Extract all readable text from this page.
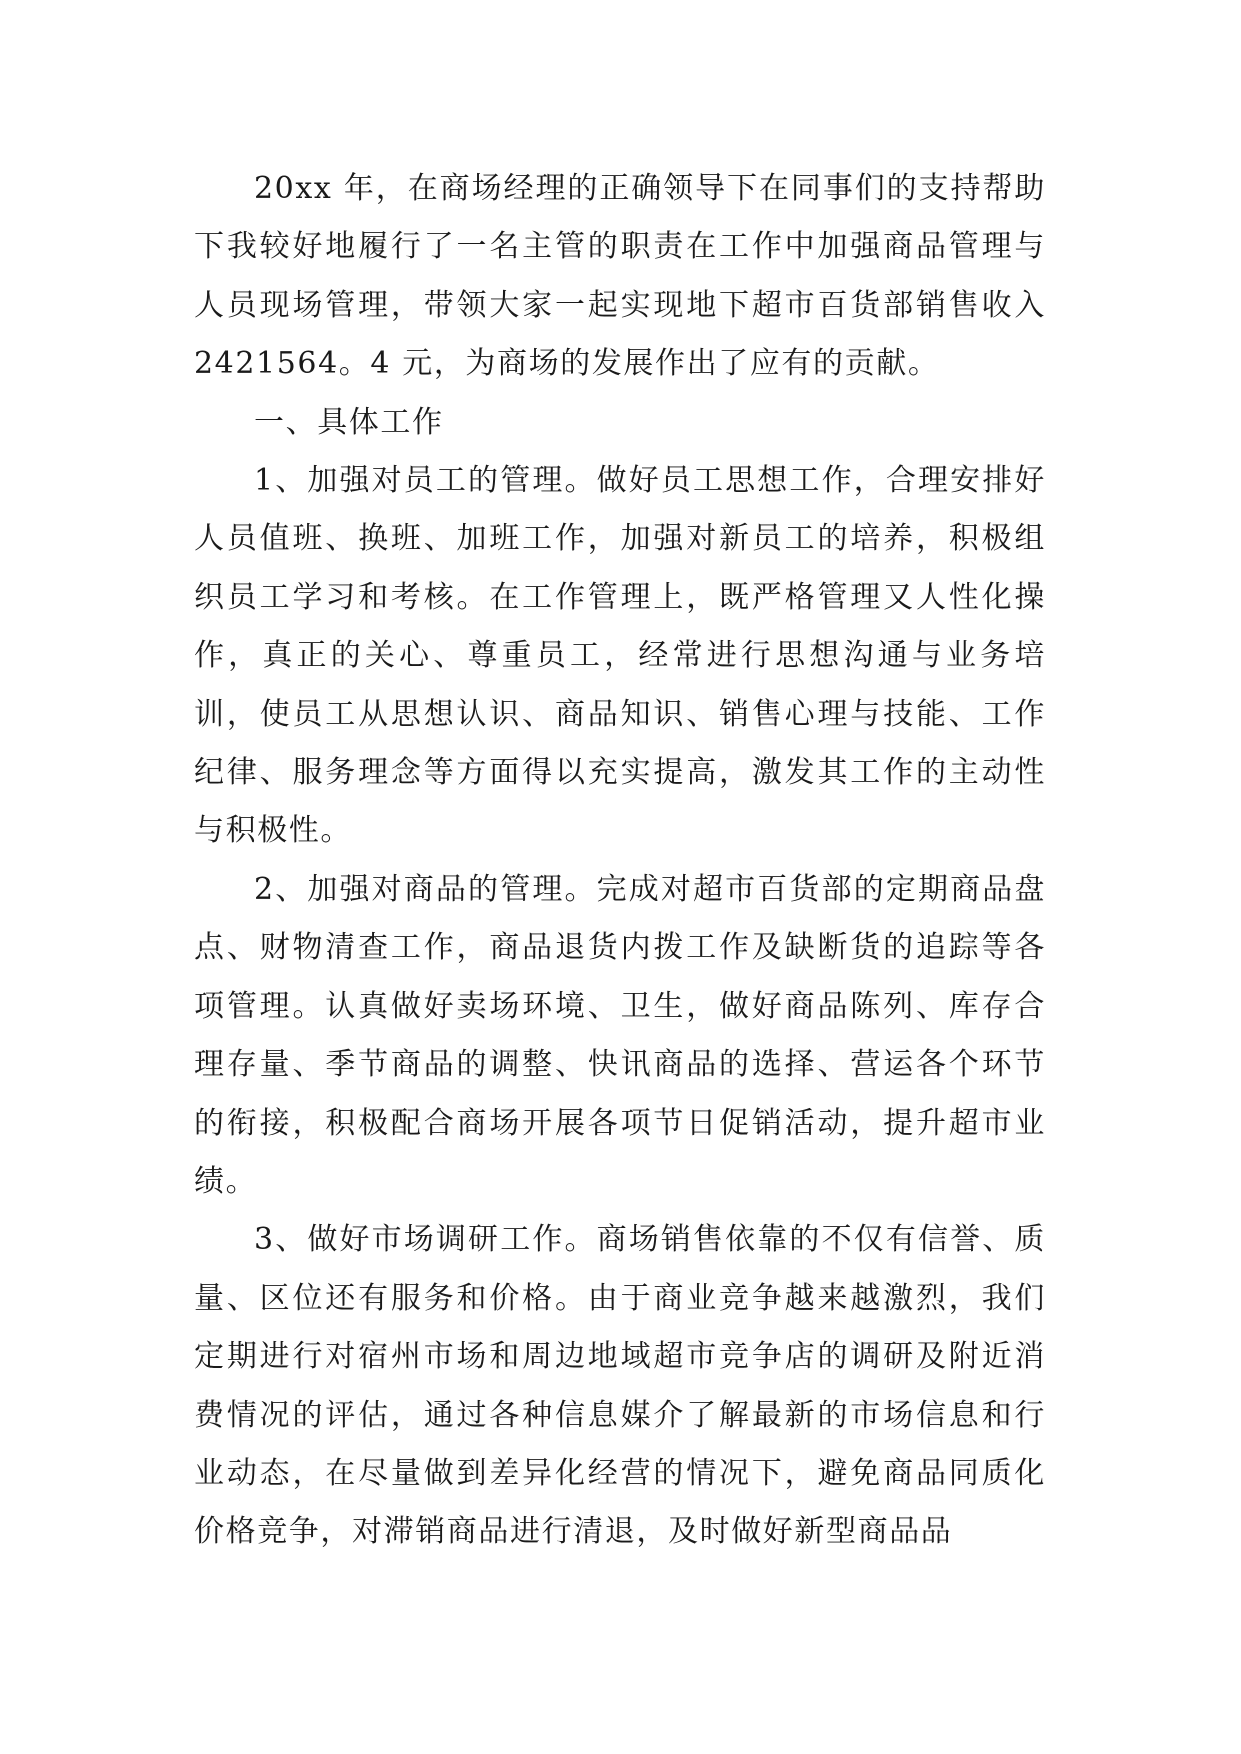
20xx 年，在商场经理的正确领导下在同事们的支持帮助下我较好地履行了一名主管的职责在工作中加强商品管理与人员现场管理，带领大家一起实现地下超市百货部销售收入 2421564。4 元，为商场的发展作出了应有的贡献。

一、具体工作

1、加强对员工的管理。做好员工思想工作，合理安排好人员值班、换班、加班工作，加强对新员工的培养，积极组织员工学习和考核。在工作管理上，既严格管理又人性化操作，真正的关心、尊重员工，经常进行思想沟通与业务培训，使员工从思想认识、商品知识、销售心理与技能、工作纪律、服务理念等方面得以充实提高，激发其工作的主动性与积极性。

2、加强对商品的管理。完成对超市百货部的定期商品盘点、财物清查工作，商品退货内拨工作及缺断货的追踪等各项管理。认真做好卖场环境、卫生，做好商品陈列、库存合理存量、季节商品的调整、快讯商品的选择、营运各个环节的衔接，积极配合商场开展各项节日促销活动，提升超市业绩。

3、做好市场调研工作。商场销售依靠的不仅有信誉、质量、区位还有服务和价格。由于商业竞争越来越激烈，我们定期进行对宿州市场和周边地域超市竞争店的调研及附近消费情况的评估，通过各种信息媒介了解最新的市场信息和行业动态，在尽量做到差异化经营的情况下，避免商品同质化价格竞争，对滞销商品进行清退，及时做好新型商品品
